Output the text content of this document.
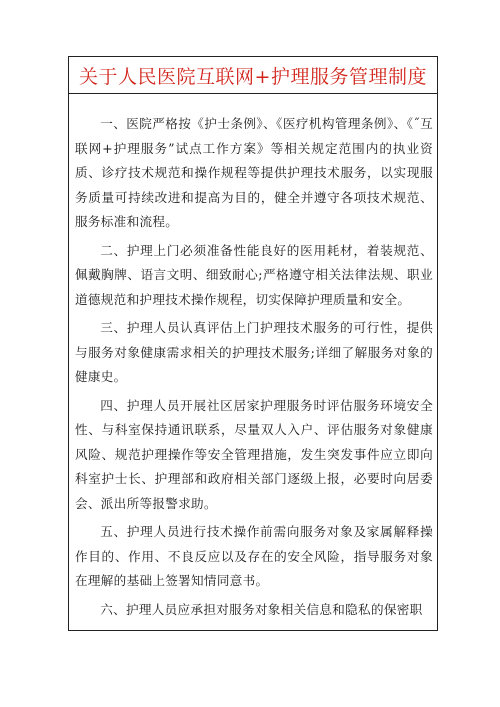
关于人民医院互联网+护理服务管理制度

一、医院严格按《护士条例》、《医疗机构管理条例》、《˝互联网+护理服务”试点工作方案》等相关规定范围内的执业资质、诊疗技术规范和操作规程等提供护理技术服务，以实现服务质量可持续改进和提高为目的，健全并遵守各项技术规范、服务标准和流程。

二、护理上门必须准备性能良好的医用耗材，着装规范、佩戴胸牌、语言文明、细致耐心;严格遵守相关法律法规、职业道德规范和护理技术操作规程，切实保障护理质量和安全。

三、护理人员认真评估上门护理技术服务的可行性，提供与服务对象健康需求相关的护理技术服务;详细了解服务对象的健康史。

四、护理人员开展社区居家护理服务时评估服务环境安全性、与科室保持通讯联系，尽量双人入户、评估服务对象健康风险、规范护理操作等安全管理措施，发生突发事件应立即向科室护士长、护理部和政府相关部门逐级上报，必要时向居委会、派出所等报警求助。

五、护理人员进行技术操作前需向服务对象及家属解释操作目的、作用、不良反应以及存在的安全风险，指导服务对象在理解的基础上签署知情同意书。

六、护理人员应承担对服务对象相关信息和隐私的保密职
